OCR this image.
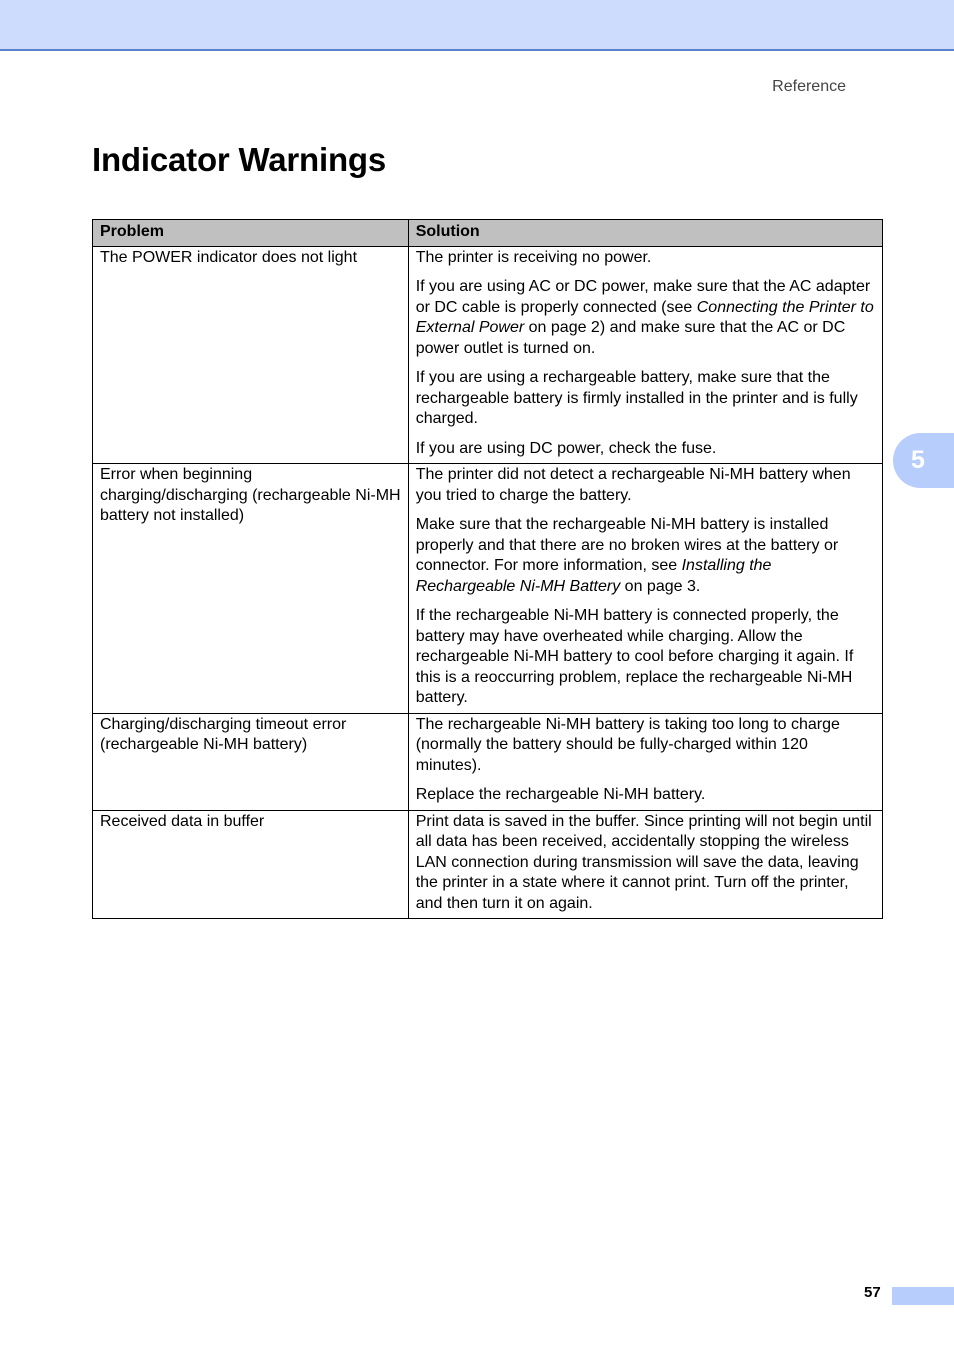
Reference
Indicator Warnings
5
Problem	Solution
The POWER indicator does not light	The printer is receiving no power.

If you are using AC or DC power, make sure that the AC adapter or DC cable is properly connected (see Connecting the Printer to External Power on page 2) and make sure that the AC or DC power outlet is turned on.

If you are using a rechargeable battery, make sure that the rechargeable battery is firmly installed in the printer and is fully charged.

If you are using DC power, check the fuse.

Error when beginning charging/discharging (rechargeable Ni-MH battery not installed)	The printer did not detect a rechargeable Ni-MH battery when you tried to charge the battery.

Make sure that the rechargeable Ni-MH battery is installed properly and that there are no broken wires at the battery or connector. For more information, see Installing the Rechargeable Ni-MH Battery on page 3.

If the rechargeable Ni-MH battery is connected properly, the battery may have overheated while charging. Allow the rechargeable Ni-MH battery to cool before charging it again. If this is a reoccurring problem, replace the rechargeable Ni-MH battery.

Charging/discharging timeout error (rechargeable Ni-MH battery)	The rechargeable Ni-MH battery is taking too long to charge (normally the battery should be fully-charged within 120 minutes).

Replace the rechargeable Ni-MH battery.

Received data in buffer	Print data is saved in the buffer. Since printing will not begin until all data has been received, accidentally stopping the wireless LAN connection during transmission will save the data, leaving the printer in a state where it cannot print. Turn off the printer, and then turn it on again.

57
